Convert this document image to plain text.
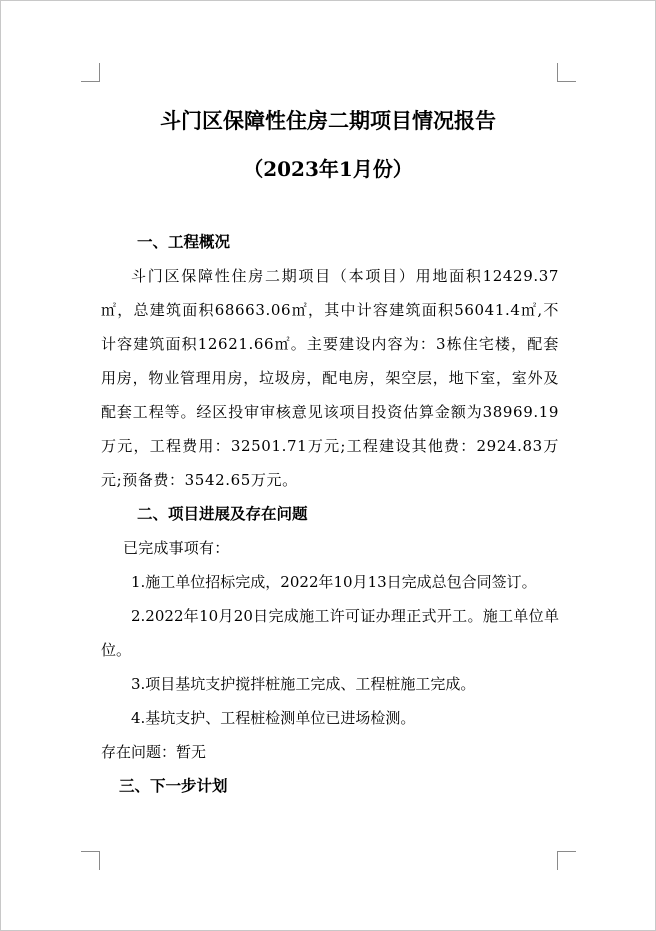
斗门区保障性住房二期项目情况报告
（2023年1月份）
一、工程概况
斗门区保障性住房二期项目（本项目）用地面积12429.37㎡，总建筑面积68663.06㎡，其中计容建筑面积56041.4㎡,不计容建筑面积12621.66㎡。主要建设内容为：3栋住宅楼，配套用房，物业管理用房，垃圾房，配电房，架空层，地下室，室外及配套工程等。经区投审审核意见该项目投资估算金额为38969.19万元，工程费用：32501.71万元;工程建设其他费：2924.83万元;预备费：3542.65万元。
二、项目进展及存在问题
已完成事项有：
1.施工单位招标完成，2022年10月13日完成总包合同签订。
2.2022年10月20日完成施工许可证办理正式开工。施工单位单位。
3.项目基坑支护搅拌桩施工完成、工程桩施工完成。
4.基坑支护、工程桩检测单位已进场检测。
存在问题：暂无
三、下一步计划
